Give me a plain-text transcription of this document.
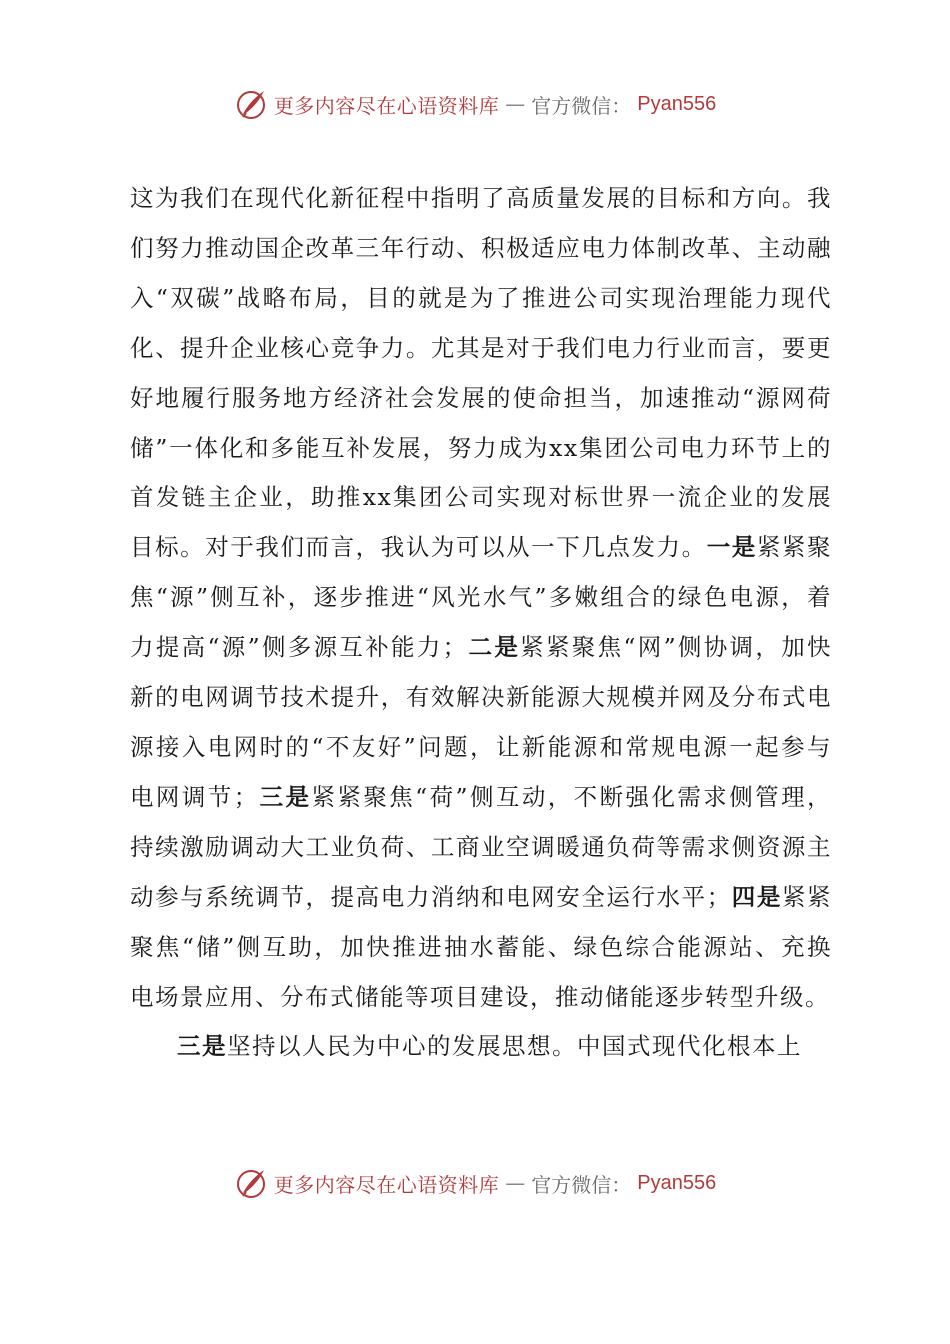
更多内容尽在心语资料库 — 官方微信： Pyan556

这为我们在现代化新征程中指明了高质量发展的目标和方向。我们努力推动国企改革三年行动、积极适应电力体制改革、主动融入“双碳”战略布局，目的就是为了推进公司实现治理能力现代化、提升企业核心竞争力。尤其是对于我们电力行业而言，要更好地履行服务地方经济社会发展的使命担当，加速推动“源网荷储”一体化和多能互补发展，努力成为xx集团公司电力环节上的首发链主企业，助推xx集团公司实现对标世界一流企业的发展目标。对于我们而言，我认为可以从一下几点发力。一是紧紧聚焦“源”侧互补，逐步推进“风光水气”多嫩组合的绿色电源，着力提高“源”侧多源互补能力；二是紧紧聚焦“网”侧协调，加快新的电网调节技术提升，有效解决新能源大规模并网及分布式电源接入电网时的“不友好”问题，让新能源和常规电源一起参与电网调节；三是紧紧聚焦“荷”侧互动，不断强化需求侧管理，持续激励调动大工业负荷、工商业空调暖通负荷等需求侧资源主动参与系统调节，提高电力消纳和电网安全运行水平；四是紧紧聚焦“储”侧互助，加快推进抽水蓄能、绿色综合能源站、充换电场景应用、分布式储能等项目建设，推动储能逐步转型升级。

三是坚持以人民为中心的发展思想。中国式现代化根本上

更多内容尽在心语资料库 — 官方微信： Pyan556
